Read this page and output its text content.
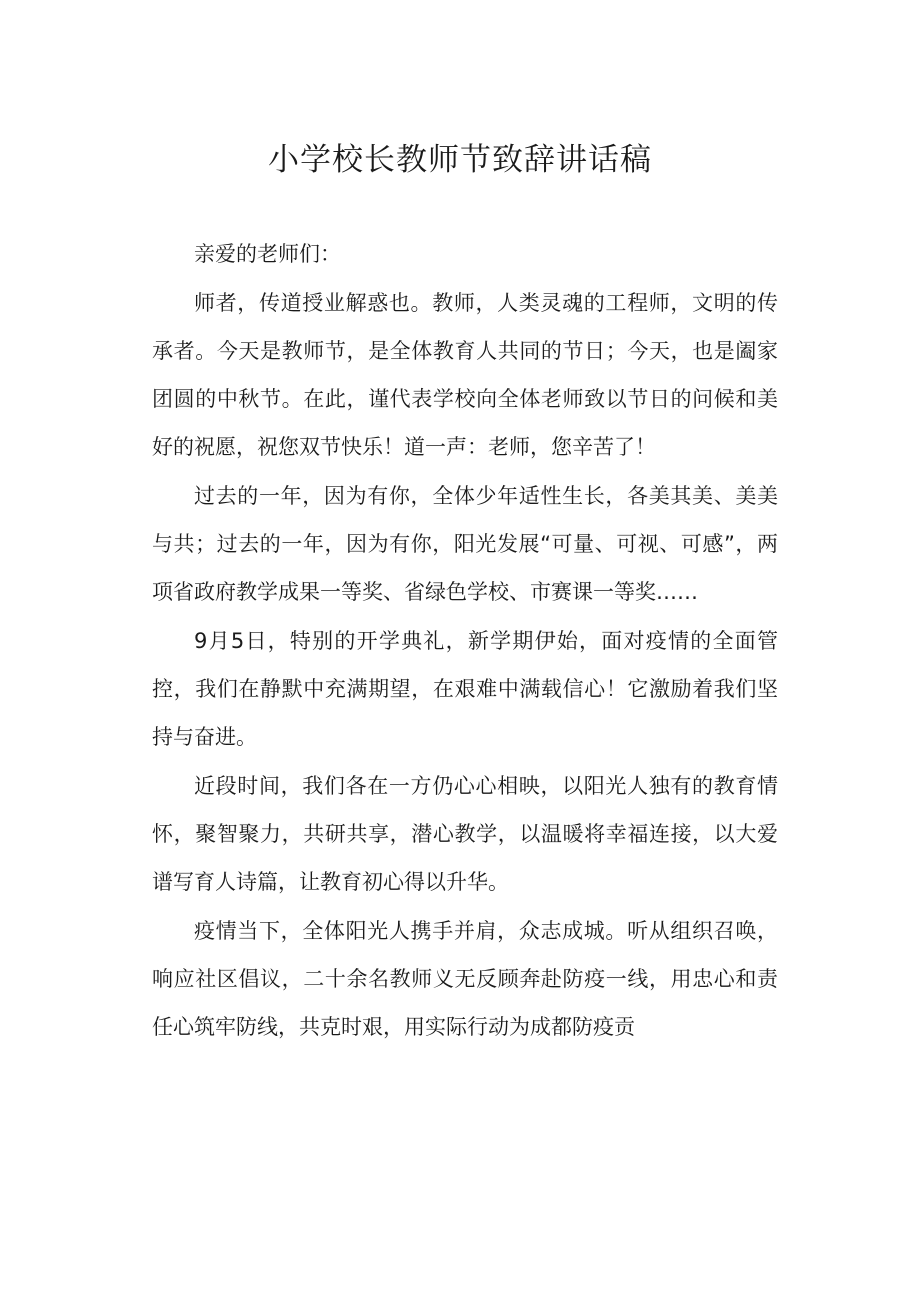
小学校长教师节致辞讲话稿

亲爱的老师们：

师者，传道授业解惑也。教师，人类灵魂的工程师，文明的传承者。今天是教师节，是全体教育人共同的节日；今天，也是阖家团圆的中秋节。在此，谨代表学校向全体老师致以节日的问候和美好的祝愿，祝您双节快乐！道一声：老师，您辛苦了！

过去的一年，因为有你，全体少年适性生长，各美其美、美美与共；过去的一年，因为有你，阳光发展“可量、可视、可感”，两项省政府教学成果一等奖、省绿色学校、市赛课一等奖……

9月5日，特别的开学典礼，新学期伊始，面对疫情的全面管控，我们在静默中充满期望，在艰难中满载信心！它激励着我们坚持与奋进。

近段时间，我们各在一方仍心心相映，以阳光人独有的教育情怀，聚智聚力，共研共享，潜心教学，以温暖将幸福连接，以大爱谱写育人诗篇，让教育初心得以升华。

疫情当下，全体阳光人携手并肩，众志成城。听从组织召唤，响应社区倡议，二十余名教师义无反顾奔赴防疫一线，用忠心和责任心筑牢防线，共克时艰，用实际行动为成都防疫贡
